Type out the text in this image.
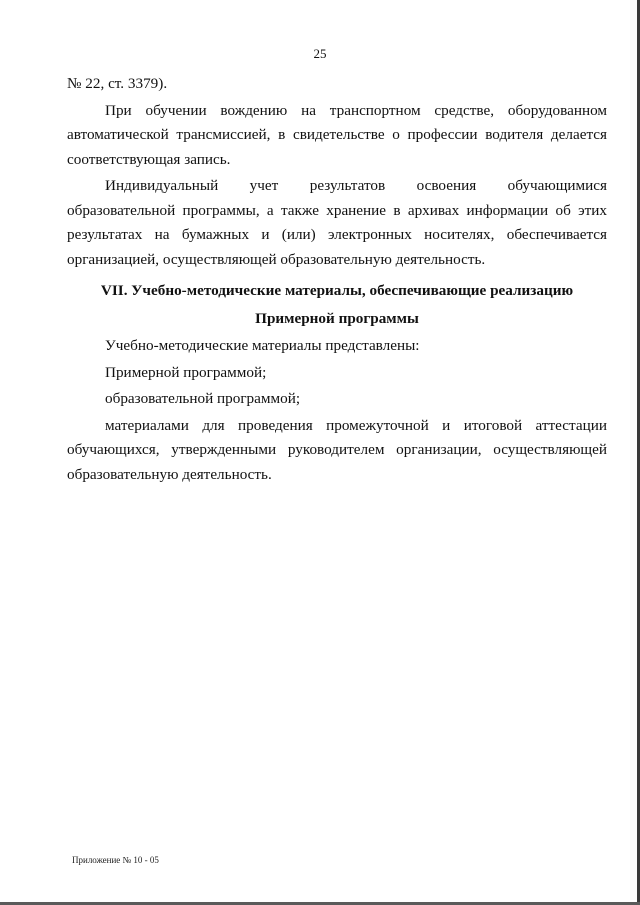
25

№ 22, ст. 3379).

При обучении вождению на транспортном средстве, оборудованном автоматической трансмиссией, в свидетельстве о профессии водителя делается соответствующая запись.

Индивидуальный учет результатов освоения обучающимися образовательной программы, а также хранение в архивах информации об этих результатах на бумажных и (или) электронных носителях, обеспечивается организацией, осуществляющей образовательную деятельность.

VII. Учебно-методические материалы, обеспечивающие реализацию
Примерной программы

Учебно-методические материалы представлены:

Примерной программой;

образовательной программой;

материалами для проведения промежуточной и итоговой аттестации обучающихся, утвержденными руководителем организации, осуществляющей образовательную деятельность.

Приложение № 10 - 05
